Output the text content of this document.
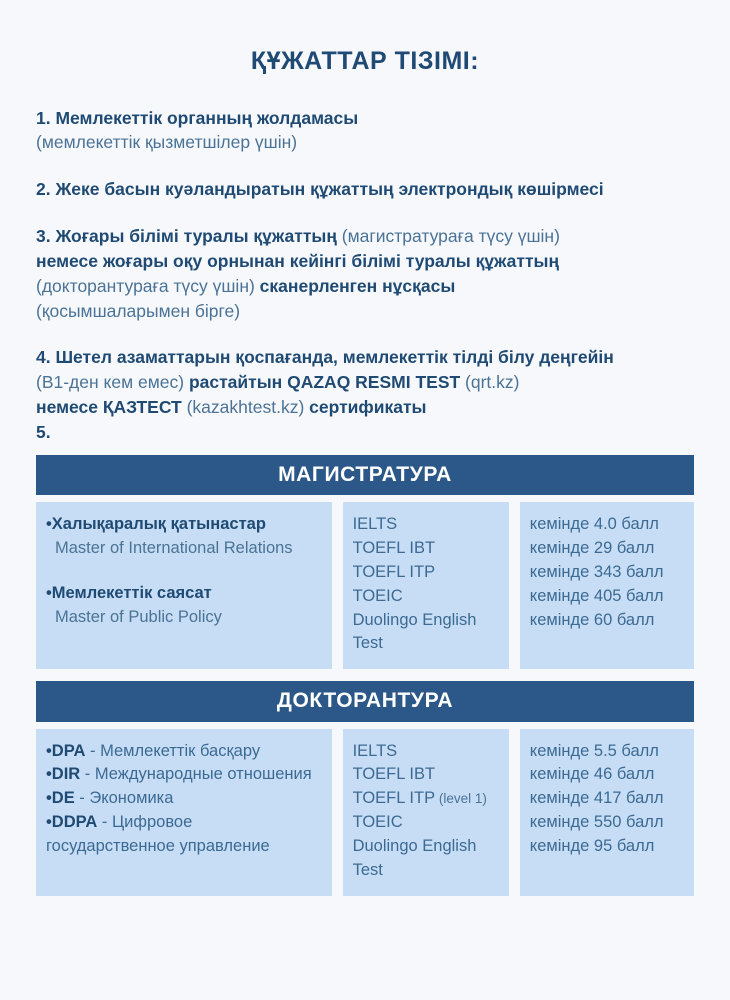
ҚҰЖАТТАР ТІЗІМІ:
1. Мемлекеттік органның жолдамасы
(мемлекеттік қызметшілер үшін)
2. Жеке басын куәландыратын құжаттың электрондық көшірмесі
3. Жоғары білімі туралы құжаттың (магистратураға түсу үшін)
немесе жоғары оқу орнынан кейінгі білімі туралы құжаттың
(докторантураға түсу үшін) сканерленген нұсқасы
(қосымшаларымен бірге)
4. Шетел азаматтарын қоспағанда, мемлекеттік тілді білу деңгейін
(В1-ден кем емес) растайтын QAZAQ RESMI TEST (qrt.kz)
немесе ҚАЗТЕСТ (kazakhtest.kz) сертификаты
5.
МАГИСТРАТУРА
•Халықаралық қатынастар
Master of International Relations
•Мемлекеттік саясат
Master of Public Policy
IELTS
TOEFL IBT
TOEFL ITP
TOEIC
Duolingo English
Test
кемінде 4.0 балл
кемінде 29 балл
кемінде 343 балл
кемінде 405 балл
кемінде 60 балл
ДОКТОРАНТУРА
•DPA - Мемлекеттік басқару
•DIR - Международные отношения
•DE - Экономика
•DDPA - Цифровое
государственное управление
IELTS
TOEFL IBT
TOEFL ITP (level 1)
TOEIC
Duolingo English
Test
кемінде 5.5 балл
кемінде 46 балл
кемінде 417 балл
кемінде 550 балл
кемінде 95 балл
